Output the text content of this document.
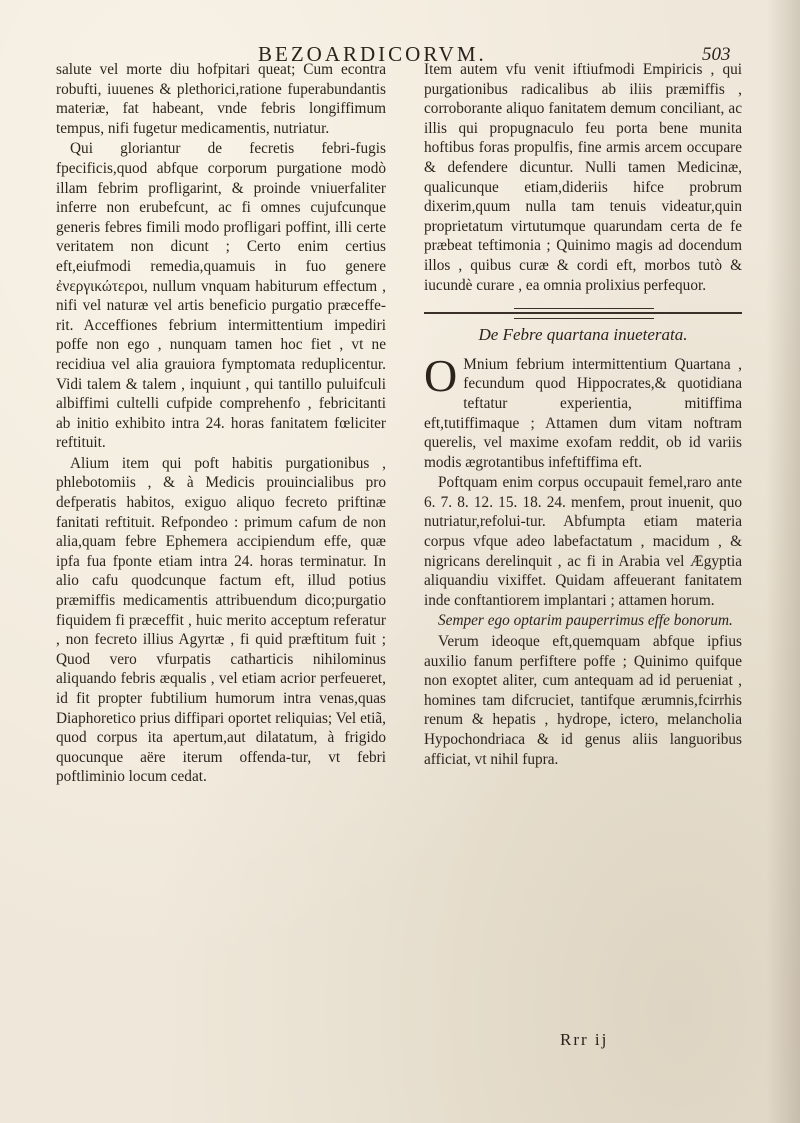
BEZOARDICORVM.	503

salute vel morte diu hofpitari queat; Cum econtra robufti, iuuenes & plethorici,ratione fuperabundantis materiæ, fat habeant, vnde febris longiffimum tempus, nifi fugetur medicamentis, nutriatur.

Qui gloriantur de fecretis febri-fugis fpecificis,quod abfque corporum purgatione modò illam febrim profligarint, & proinde vniuerfaliter inferre non erubefcunt, ac fi omnes cujufcunque generis febres fimili modo profligari poffint, illi certe veritatem non dicunt ; Certo enim certius eft,eiufmodi remedia,quamuis in fuo genere ἐνεργικώτεροι, nullum vnquam habiturum effectum , nifi vel naturæ vel artis beneficio purgatio præceffe-rit. Acceffiones febrium intermittentium impediri poffe non ego , nunquam tamen hoc fiet , vt ne recidiua vel alia grauiora fymptomata reduplicentur. Vidi talem & talem , inquiunt , qui tantillo puluifculi albiffimi cultelli cufpide comprehenfo , febricitanti ab initio exhibito intra 24. horas fanitatem fœliciter reftituit.

Alium item qui poft habitis purgationibus , phlebotomiis , & à Medicis prouincialibus pro defperatis habitos, exiguo aliquo fecreto priftinæ fanitati reftituit. Refpondeo : primum cafum de non alia,quam febre Ephemera accipiendum effe, quæ ipfa fua fponte etiam intra 24. horas terminatur. In alio cafu quodcunque factum eft, illud potius præmiffis medicamentis attribuendum dico;purgatio fiquidem fi præceffit , huic merito acceptum referatur , non fecreto illius Agyrtæ , fi quid præftitum fuit ; Quod vero vfurpatis catharticis nihilominus aliquando febris æqualis , vel etiam acrior perfeueret, id fit propter fubtilium humorum intra venas,quas Diaphoretico prius diffipari oportet reliquias; Vel etiã, quod corpus ita apertum,aut dilatatum, à frigido quocunque aëre iterum offenda-tur, vt febri poftliminio locum cedat.

Item autem vfu venit iftiufmodi Empiricis , qui purgationibus radicalibus ab iliis præmiffis , corroborante aliquo fanitatem demum conciliant, ac illis qui propugnaculo feu porta bene munita hoftibus foras propulfis, fine armis arcem occupare & defendere dicuntur. Nulli tamen Medicinæ, qualicunque etiam,dideriis hifce probrum dixerim,quum nulla tam tenuis videatur,quin proprietatum virtutumque quarundam certa de fe præbeat teftimonia ; Quinimo magis ad docendum illos , quibus curæ & cordi eft, morbos tutò & iucundè curare , ea omnia prolixius perfequor.

De Febre quartana inueterata.

O Mnium febrium intermittentium Quartana , fecundum quod Hippocrates,& quotidiana teftatur experientia, mitiffima eft,tutiffimaque ; Attamen dum vitam noftram querelis, vel maxime exofam reddit, ob id variis modis ægrotantibus infeftiffima eft.

Poftquam enim corpus occupauit femel,raro ante 6. 7. 8. 12. 15. 18. 24. menfem, prout inuenit, quo nutriatur,refolui-tur. Abfumpta etiam materia corpus vfque adeo labefactatum , macidum , & nigricans derelinquit , ac fi in Arabia vel Ægyptia aliquandiu vixiffet. Quidam affeuerant fanitatem inde conftantiorem implantari ; attamen horum.

Semper ego optarim pauperrimus effe bonorum.

Verum ideoque eft,quemquam abfque ipfius auxilio fanum perfiftere poffe ; Quinimo quifque non exoptet aliter, cum antequam ad id perueniat , homines tam difcruciet, tantifque ærumnis,fcirrhis renum & hepatis , hydrope, ictero, melancholia Hypochondriaca & id genus aliis languoribus afficiat, vt nihil fupra.

Rrr ij
